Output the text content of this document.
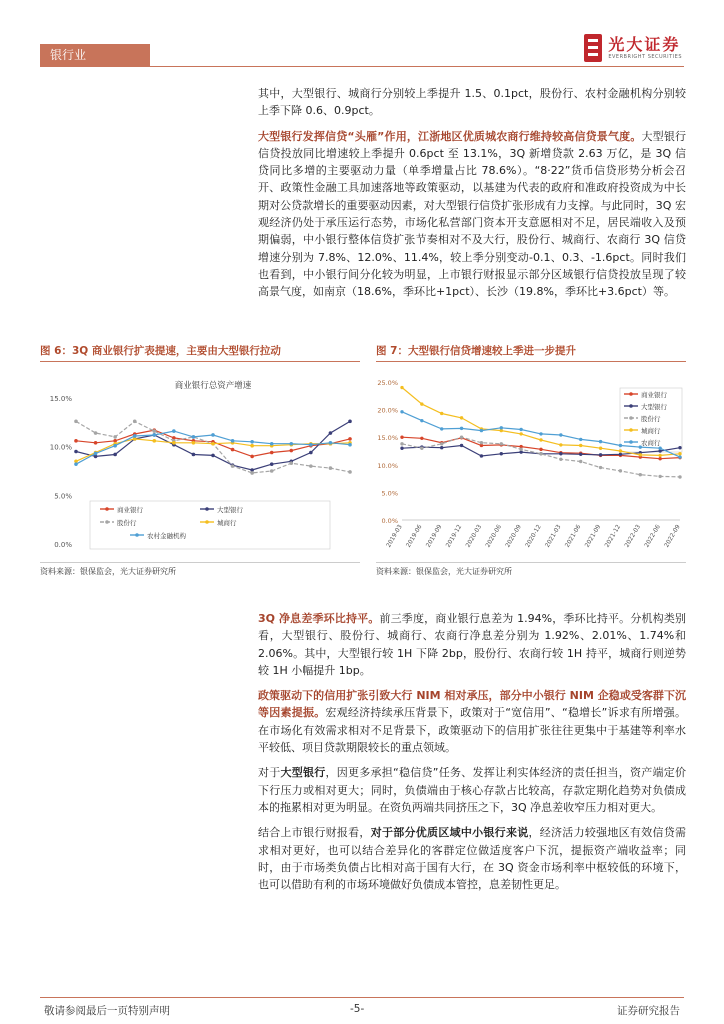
银行业
光大证券
EVERBRIGHT SECURITIES

其中，大型银行、城商行分别较上季提升 1.5、0.1pct，股份行、农村金融机构分别较上季下降 0.6、0.9pct。

大型银行发挥信贷“头雁”作用，江浙地区优质城农商行维持较高信贷景气度。大型银行信贷投放同比增速较上季提升 0.6pct 至 13.1%，3Q 新增贷款 2.63 万亿，是 3Q 信贷同比多增的主要驱动力量（单季增量占比 78.6%）。“8·22”货币信贷形势分析会召开、政策性金融工具加速落地等政策驱动，以基建为代表的政府和准政府投资成为中长期对公贷款增长的重要驱动因素，对大型银行信贷扩张形成有力支撑。与此同时，3Q 宏观经济仍处于承压运行态势，市场化私营部门资本开支意愿相对不足，居民端收入及预期偏弱，中小银行整体信贷扩张节奏相对不及大行，股份行、城商行、农商行 3Q 信贷增速分别为 7.8%、12.0%、11.4%，较上季分别变动-0.1、0.3、-1.6pct。同时我们也看到，中小银行间分化较为明显，上市银行财报显示部分区域银行信贷投放呈现了较高景气度，如南京（18.6%，季环比+1pct）、长沙（19.8%，季环比+3.6pct）等。

图 6：3Q 商业银行扩表提速，主要由大型银行拉动
商业银行总资产增速
0.0%
5.0%
10.0%
15.0%
商业银行	大型银行
股份行	城商行
农村金融机构
资料来源：银保监会，光大证券研究所
图 7：大型银行信贷增速较上季进一步提升
0.0%
5.0%
10.0%
15.0%
20.0%
25.0%
2019-03 2019-06 2019-09 2019-12 2020-03 2020-06 2020-09 2020-12 2021-03 2021-06 2021-09 2021-12 2022-03 2022-06 2022-09
商业银行
大型银行
股份行
城商行
农商行
资料来源：银保监会，光大证券研究所

3Q 净息差季环比持平。前三季度，商业银行息差为 1.94%，季环比持平。分机构类别看，大型银行、股份行、城商行、农商行净息差分别为 1.92%、2.01%、1.74%和 2.06%。其中，大型银行较 1H 下降 2bp，股份行、农商行较 1H 持平，城商行则逆势较 1H 小幅提升 1bp。

政策驱动下的信用扩张引致大行 NIM 相对承压，部分中小银行 NIM 企稳或受客群下沉等因素提振。宏观经济持续承压背景下，政策对于“宽信用”、“稳增长”诉求有所增强。在市场化有效需求相对不足背景下，政策驱动下的信用扩张往往更集中于基建等利率水平较低、项目贷款期限较长的重点领域。

对于大型银行，因更多承担“稳信贷”任务、发挥让利实体经济的责任担当，资产端定价下行压力或相对更大；同时，负债端由于核心存款占比较高，存款定期化趋势对负债成本的拖累相对更为明显。在资负两端共同挤压之下，3Q 净息差收窄压力相对更大。

结合上市银行财报看，对于部分优质区域中小银行来说，经济活力较强地区有效信贷需求相对更好，也可以结合差异化的客群定位做适度客户下沉，提振资产端收益率；同时，由于市场类负债占比相对高于国有大行，在 3Q 资金市场利率中枢较低的环境下，也可以借助有利的市场环境做好负债成本管控，息差韧性更足。

敬请参阅最后一页特别声明	-5-	证券研究报告
